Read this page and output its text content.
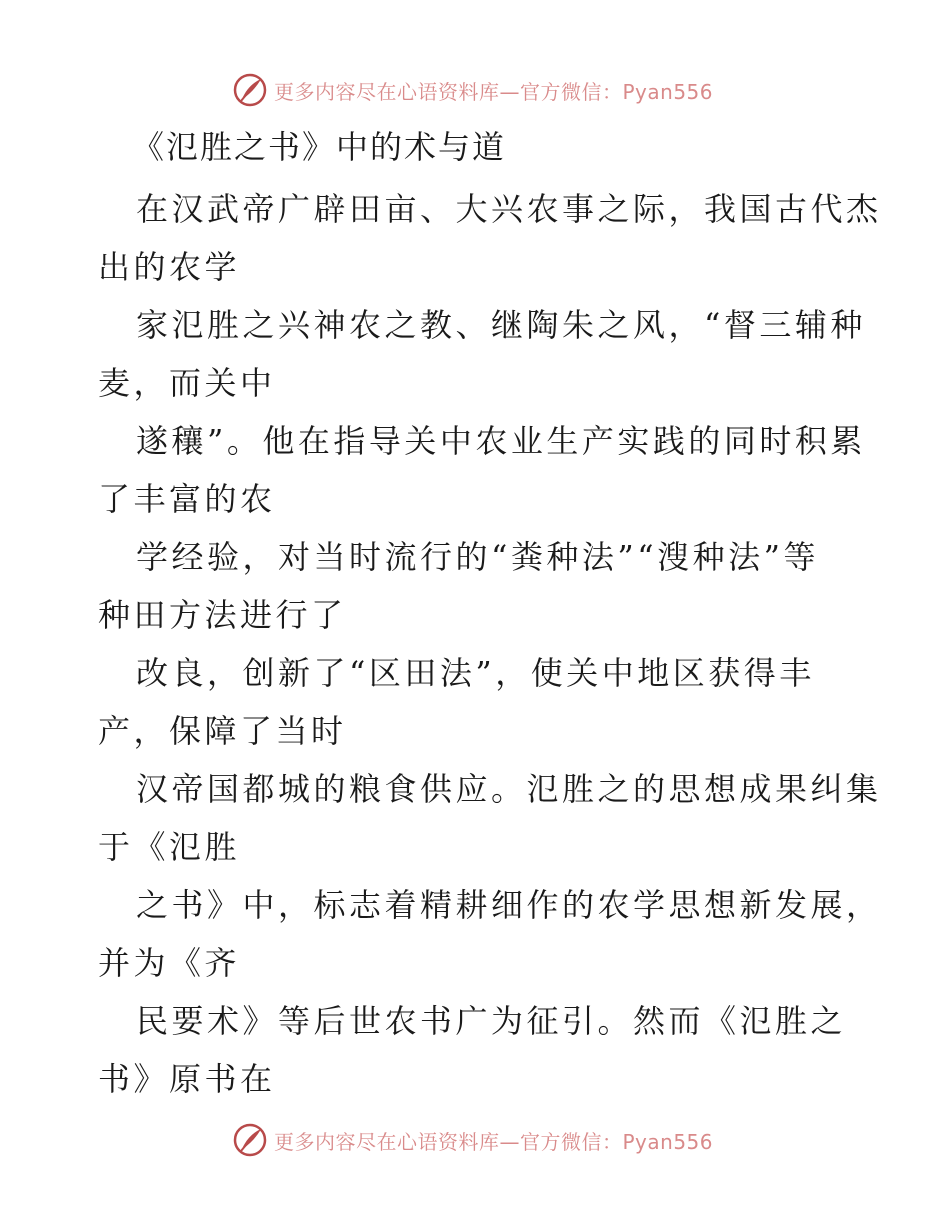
更多内容尽在心语资料库—官方微信：Pyan556
《氾胜之书》中的术与道
在汉武帝广辟田亩、大兴农事之际，我国古代杰
出的农学
家氾胜之兴神农之教、继陶朱之风，“督三辅种
麦，而关中
遂穰”。他在指导关中农业生产实践的同时积累
了丰富的农
学经验，对当时流行的“粪种法”“溲种法”等
种田方法进行了
改良，创新了“区田法”，使关中地区获得丰
产，保障了当时
汉帝国都城的粮食供应。氾胜之的思想成果纠集
于《氾胜
之书》中，标志着精耕细作的农学思想新发展，
并为《齐
民要术》等后世农书广为征引。然而《氾胜之
书》原书在
更多内容尽在心语资料库—官方微信：Pyan556
